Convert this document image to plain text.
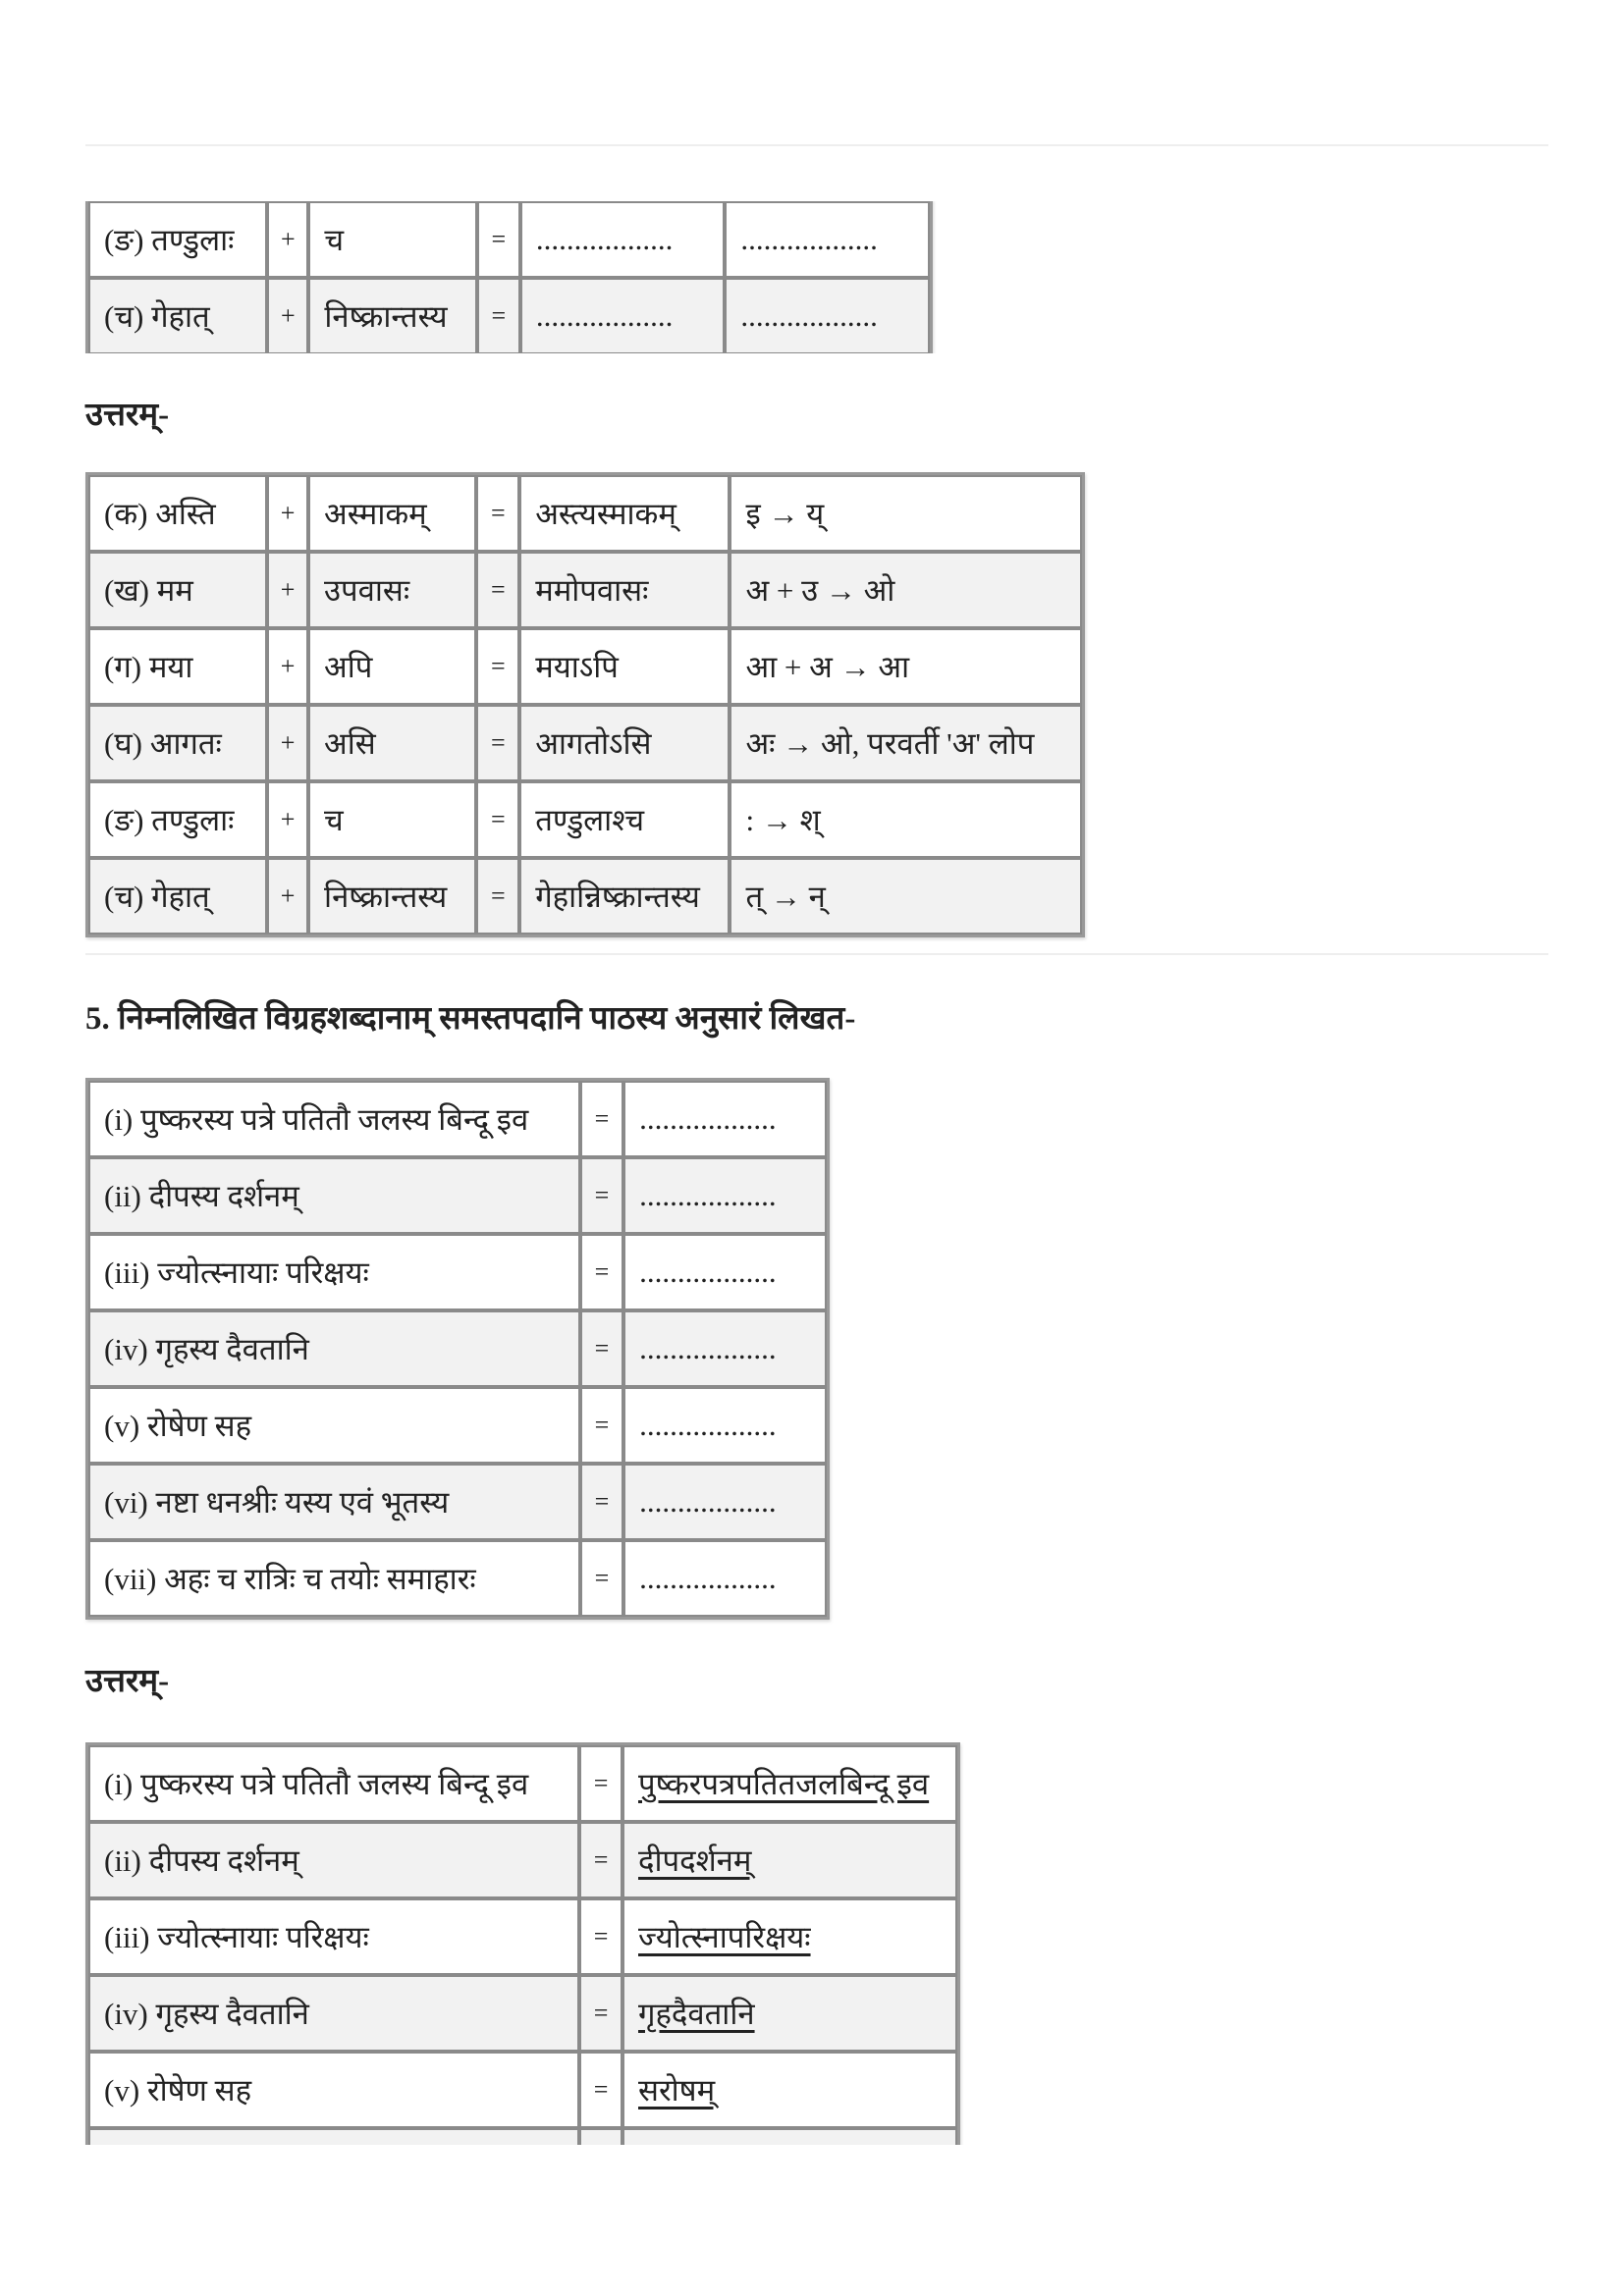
(ङ) तण्डुलाः	+	च	=	..................	..................
(च) गेहात्	+	निष्क्रान्तस्य	=	..................	..................
उत्तरम्-
(क) अस्ति	+	अस्माकम्	=	अस्त्यस्माकम्	इ → य्
(ख) मम	+	उपवासः	=	ममोपवासः	अ + उ → ओ
(ग) मया	+	अपि	=	मयाऽपि	आ + अ → आ
(घ) आगतः	+	असि	=	आगतोऽसि	अः → ओ, परवर्ती 'अ' लोप
(ङ) तण्डुलाः	+	च	=	तण्डुलाश्च	: → श्
(च) गेहात्	+	निष्क्रान्तस्य	=	गेहान्निष्क्रान्तस्य	त् → न्
5. निम्नलिखित विग्रहशब्दानाम् समस्तपदानि पाठस्य अनुसारं लिखत-
(i) पुष्करस्य पत्रे पतितौ जलस्य बिन्दू इव	=	..................
(ii) दीपस्य दर्शनम्	=	..................
(iii) ज्योत्स्नायाः परिक्षयः	=	..................
(iv) गृहस्य दैवतानि	=	..................
(v) रोषेण सह	=	..................
(vi) नष्टा धनश्रीः यस्य एवं भूतस्य	=	..................
(vii) अहः च रात्रिः च तयोः समाहारः	=	..................
उत्तरम्-
(i) पुष्करस्य पत्रे पतितौ जलस्य बिन्दू इव	=	पुष्करपत्रपतितजलबिन्दू इव
(ii) दीपस्य दर्शनम्	=	दीपदर्शनम्
(iii) ज्योत्स्नायाः परिक्षयः	=	ज्योत्स्नापरिक्षयः
(iv) गृहस्य दैवतानि	=	गृहदैवतानि
(v) रोषेण सह	=	सरोषम्
